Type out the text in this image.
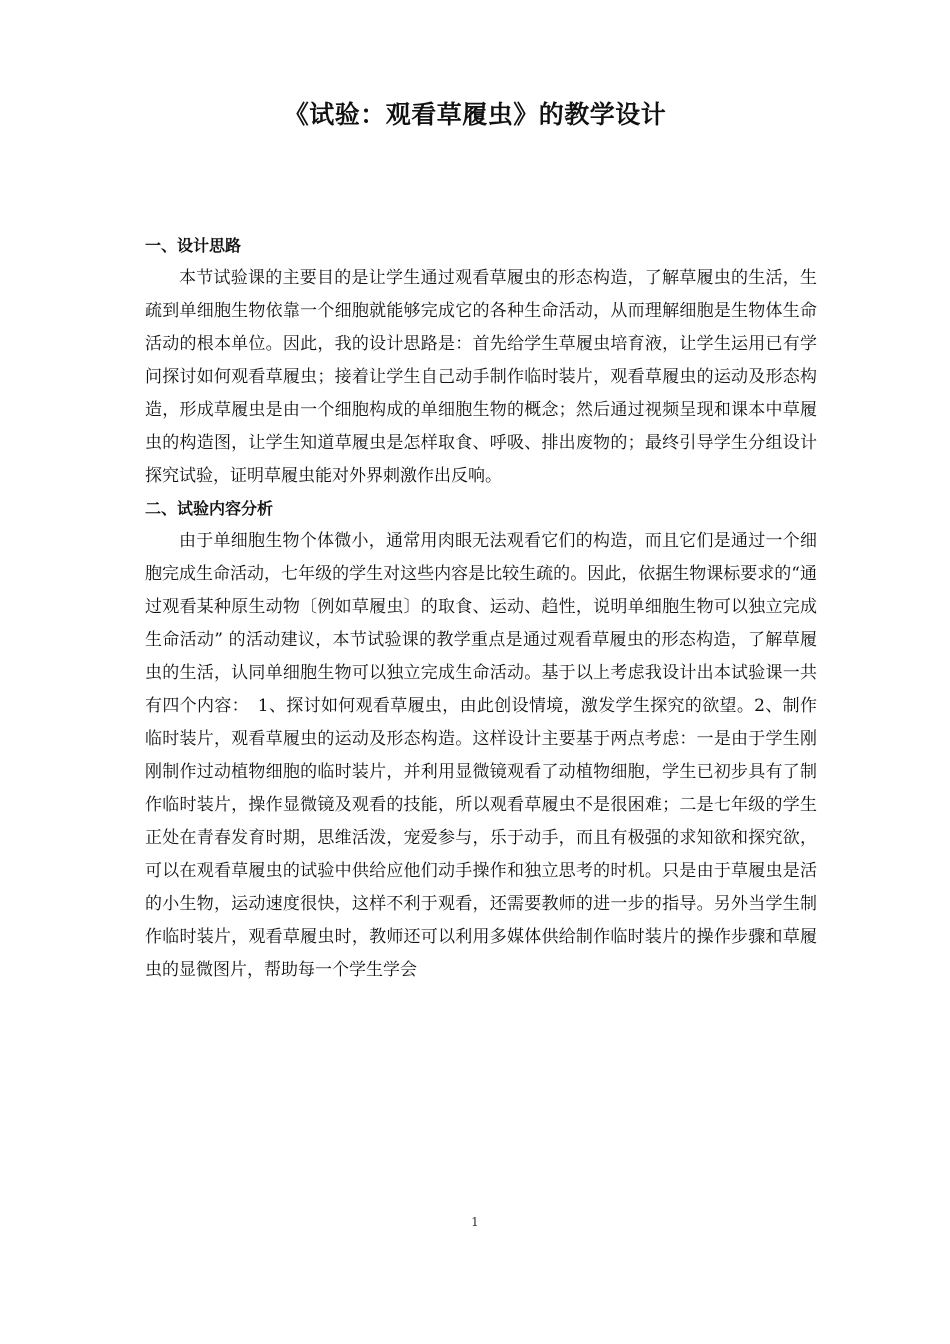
《试验：观看草履虫》的教学设计

一、设计思路

本节试验课的主要目的是让学生通过观看草履虫的形态构造，了解草履虫的生活，生疏到单细胞生物依靠一个细胞就能够完成它的各种生命活动，从而理解细胞是生物体生命活动的根本单位。因此，我的设计思路是：首先给学生草履虫培育液，让学生运用已有学问探讨如何观看草履虫；接着让学生自己动手制作临时装片，观看草履虫的运动及形态构造，形成草履虫是由一个细胞构成的单细胞生物的概念；然后通过视频呈现和课本中草履虫的构造图，让学生知道草履虫是怎样取食、呼吸、排出废物的；最终引导学生分组设计探究试验，证明草履虫能对外界刺激作出反响。

二、试验内容分析

由于单细胞生物个体微小，通常用肉眼无法观看它们的构造，而且它们是通过一个细胞完成生命活动，七年级的学生对这些内容是比较生疏的。因此，依据生物课标要求的“通过观看某种原生动物〔例如草履虫〕的取食、运动、趋性，说明单细胞生物可以独立完成生命活动” 的活动建议，本节试验课的教学重点是通过观看草履虫的形态构造，了解草履虫的生活，认同单细胞生物可以独立完成生命活动。基于以上考虑我设计出本试验课一共有四个内容：　1、探讨如何观看草履虫，由此创设情境，激发学生探究的欲望。2、制作临时装片，观看草履虫的运动及形态构造。这样设计主要基于两点考虑：一是由于学生刚刚制作过动植物细胞的临时装片，并利用显微镜观看了动植物细胞，学生已初步具有了制作临时装片，操作显微镜及观看的技能，所以观看草履虫不是很困难；二是七年级的学生正处在青春发育时期，思维活泼，宠爱参与，乐于动手，而且有极强的求知欲和探究欲，可以在观看草履虫的试验中供给应他们动手操作和独立思考的时机。只是由于草履虫是活的小生物，运动速度很快，这样不利于观看，还需要教师的进一步的指导。另外当学生制作临时装片，观看草履虫时，教师还可以利用多媒体供给制作临时装片的操作步骤和草履虫的显微图片，帮助每一个学生学会

1
